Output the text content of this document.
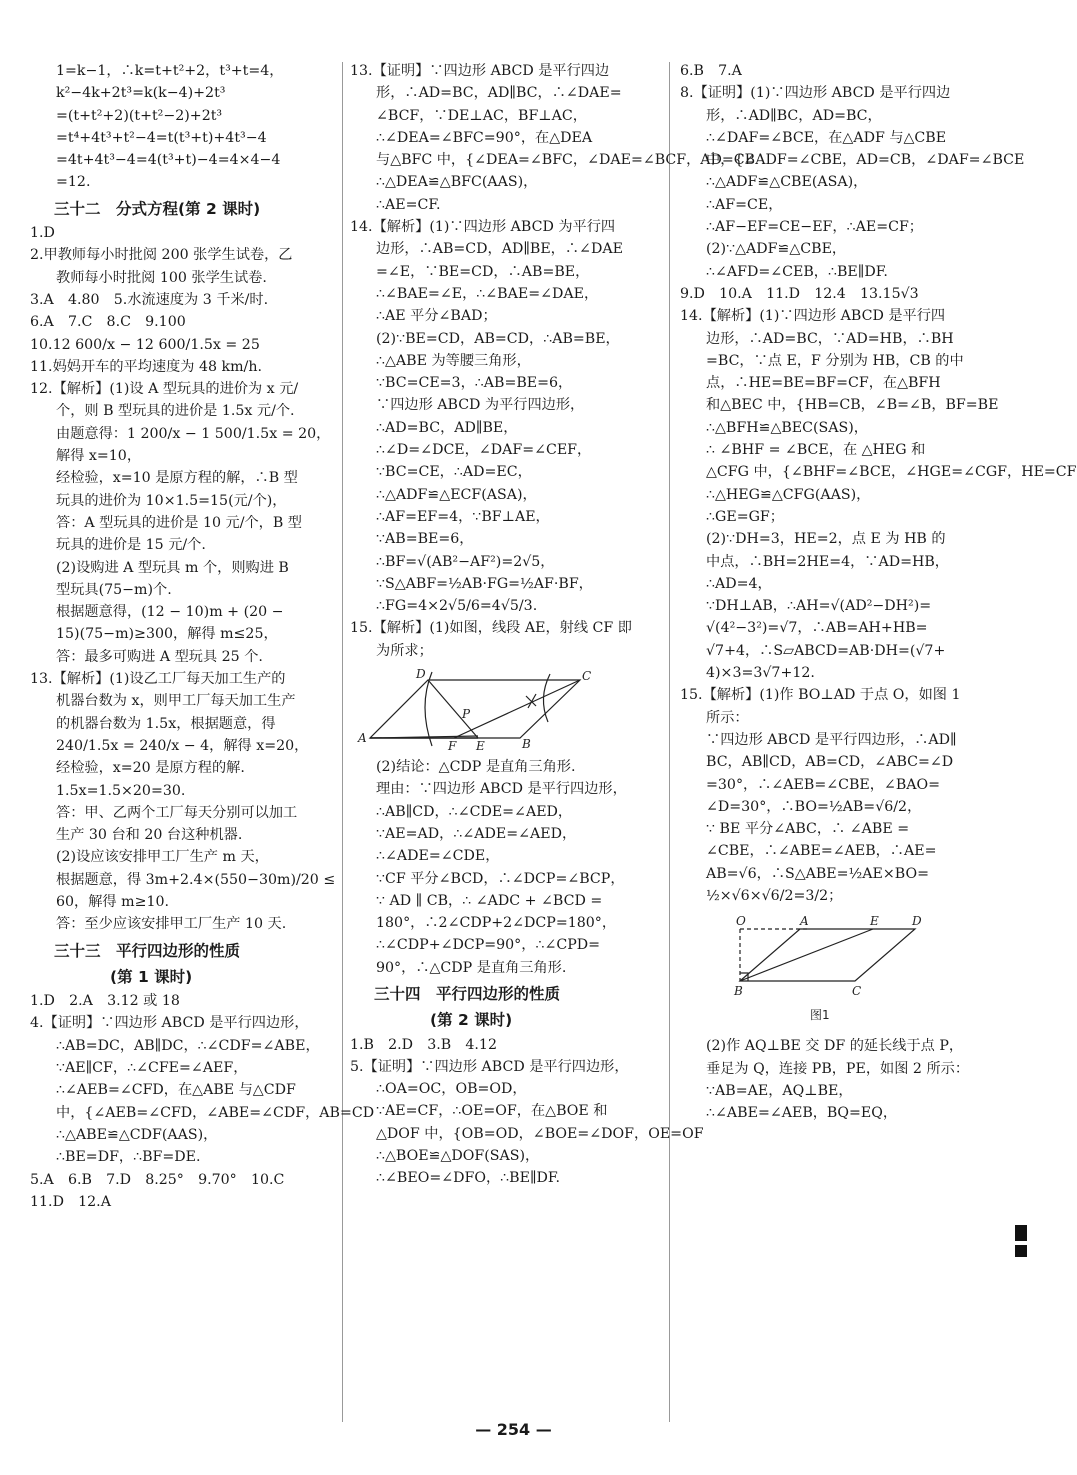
1=k−1，∴k=t+t²+2，t³+t=4，
k²−4k+2t³=k(k−4)+2t³
=(t+t²+2)(t+t²−2)+2t³
=t⁴+4t³+t²−4=t(t³+t)+4t³−4
=4t+4t³−4=4(t³+t)−4=4×4−4
=12.
三十二　分式方程(第 2 课时)
1.D
2.甲教师每小时批阅 200 张学生试卷，乙
教师每小时批阅 100 张学生试卷.
3.A　4.80　5.水流速度为 3 千米/时.
6.A　7.C　8.C　9.100
10.12 600/x − 12 600/1.5x = 25
11.妈妈开车的平均速度为 48 km/h.
12.【解析】(1)设 A 型玩具的进价为 x 元/
个，则 B 型玩具的进价是 1.5x 元/个.
由题意得：1 200/x − 1 500/1.5x = 20，
解得 x=10，
经检验，x=10 是原方程的解，∴B 型
玩具的进价为 10×1.5=15(元/个)，
答：A 型玩具的进价是 10 元/个，B 型
玩具的进价是 15 元/个.
(2)设购进 A 型玩具 m 个，则购进 B
型玩具(75−m)个.
根据题意得，(12 − 10)m + (20 −
15)(75−m)≥300，解得 m≤25，
答：最多可购进 A 型玩具 25 个.
13.【解析】(1)设乙工厂每天加工生产的
机器台数为 x，则甲工厂每天加工生产
的机器台数为 1.5x，根据题意，得
240/1.5x = 240/x − 4，解得 x=20，
经检验，x=20 是原方程的解.
1.5x=1.5×20=30.
答：甲、乙两个工厂每天分别可以加工
生产 30 台和 20 台这种机器.
(2)设应该安排甲工厂生产 m 天，
根据题意，得 3m+2.4×(550−30m)/20 ≤
60，解得 m≥10.
答：至少应该安排甲工厂生产 10 天.
三十三　平行四边形的性质
(第 1 课时)
1.D　2.A　3.12 或 18
4.【证明】∵四边形 ABCD 是平行四边形，
∴AB=DC，AB∥DC，∴∠CDF=∠ABE，
∵AE∥CF，∴∠CFE=∠AEF，
∴∠AEB=∠CFD，在△ABE 与△CDF
中，{∠AEB=∠CFD，∠ABE=∠CDF，AB=CD
∴△ABE≌△CDF(AAS)，
∴BE=DF，∴BF=DE.
5.A　6.B　7.D　8.25°　9.70°　10.C
11.D　12.A
13.【证明】∵四边形 ABCD 是平行四边
形，∴AD=BC，AD∥BC，∴∠DAE=
∠BCF，∵DE⊥AC，BF⊥AC，
∴∠DEA=∠BFC=90°，在△DEA
与△BFC 中，{∠DEA=∠BFC，∠DAE=∠BCF，AD=CB
∴△DEA≌△BFC(AAS)，
∴AE=CF.
14.【解析】(1)∵四边形 ABCD 为平行四
边形，∴AB=CD，AD∥BE，∴∠DAE
=∠E，∵BE=CD，∴AB=BE，
∴∠BAE=∠E，∴∠BAE=∠DAE，
∴AE 平分∠BAD；
(2)∵BE=CD，AB=CD，∴AB=BE，
∴△ABE 为等腰三角形，
∵BC=CE=3，∴AB=BE=6，
∵四边形 ABCD 为平行四边形，
∴AD=BC，AD∥BE，
∴∠D=∠DCE，∠DAF=∠CEF，
∵BC=CE，∴AD=EC，
∴△ADF≌△ECF(ASA)，
∴AF=EF=4，∵BF⊥AE，
∵AB=BE=6，
∴BF=√(AB²−AF²)=2√5，
∵S△ABF=½AB·FG=½AF·BF，
∴FG=4×2√5/6=4√5/3.
15.【解析】(1)如图，线段 AE，射线 CF 即
为所求；
A	B
C
D
E
F
P
(2)结论：△CDP 是直角三角形.
理由：∵四边形 ABCD 是平行四边形，
∴AB∥CD，∴∠CDE=∠AED，
∵AE=AD，∴∠ADE=∠AED，
∴∠ADE=∠CDE，
∵CF 平分∠BCD，∴∠DCP=∠BCP，
∵ AD ∥ CB，∴ ∠ADC + ∠BCD =
180°，∴2∠CDP+2∠DCP=180°，
∴∠CDP+∠DCP=90°，∴∠CPD=
90°，∴△CDP 是直角三角形.
三十四　平行四边形的性质
(第 2 课时)
1.B　2.D　3.B　4.12
5.【证明】∵四边形 ABCD 是平行四边形，
∴OA=OC，OB=OD，
∵AE=CF，∴OE=OF，在△BOE 和
△DOF 中，{OB=OD，∠BOE=∠DOF，OE=OF
∴△BOE≌△DOF(SAS)，
∴∠BEO=∠DFO，∴BE∥DF.
6.B　7.A
8.【证明】(1)∵四边形 ABCD 是平行四边
形，∴AD∥BC，AD=BC，
∴∠DAF=∠BCE，在△ADF 与△CBE
中，{∠ADF=∠CBE，AD=CB，∠DAF=∠BCE
∴△ADF≌△CBE(ASA)，
∴AF=CE，
∴AF−EF=CE−EF，∴AE=CF；
(2)∵△ADF≌△CBE，
∴∠AFD=∠CEB，∴BE∥DF.
9.D　10.A　11.D　12.4　13.15√3
14.【解析】(1)∵四边形 ABCD 是平行四
边形，∴AD=BC，∵AD=HB，∴BH
=BC，∵点 E，F 分别为 HB，CB 的中
点，∴HE=BE=BF=CF，在△BFH
和△BEC 中，{HB=CB，∠B=∠B，BF=BE
∴△BFH≌△BEC(SAS)，
∴ ∠BHF = ∠BCE，在 △HEG 和
△CFG 中，{∠BHF=∠BCE，∠HGE=∠CGF，HE=CF
∴△HEG≌△CFG(AAS)，
∴GE=GF；
(2)∵DH=3，HE=2，点 E 为 HB 的
中点，∴BH=2HE=4，∵AD=HB，
∴AD=4，
∵DH⊥AB，∴AH=√(AD²−DH²)=
√(4²−3²)=√7，∴AB=AH+HB=
√7+4，∴S▱ABCD=AB·DH=(√7+
4)×3=3√7+12.
15.【解析】(1)作 BO⊥AD 于点 O，如图 1
所示：
∵四边形 ABCD 是平行四边形，∴AD∥
BC，AB∥CD，AB=CD，∠ABC=∠D
=30°，∴∠AEB=∠CBE，∠BAO=
∠D=30°，∴BO=½AB=√6/2，
∵ BE 平分∠ABC，∴ ∠ABE =
∠CBE，∴∠ABE=∠AEB，∴AE=
AB=√6，∴S△ABE=½AE×BO=
½×√6×√6/2=3/2；
O	A	E	D
B	C
图1
(2)作 AQ⊥BE 交 DF 的延长线于点 P，
垂足为 Q，连接 PB，PE，如图 2 所示：
∵AB=AE，AQ⊥BE，
∴∠ABE=∠AEB，BQ=EQ，
— 254 —
